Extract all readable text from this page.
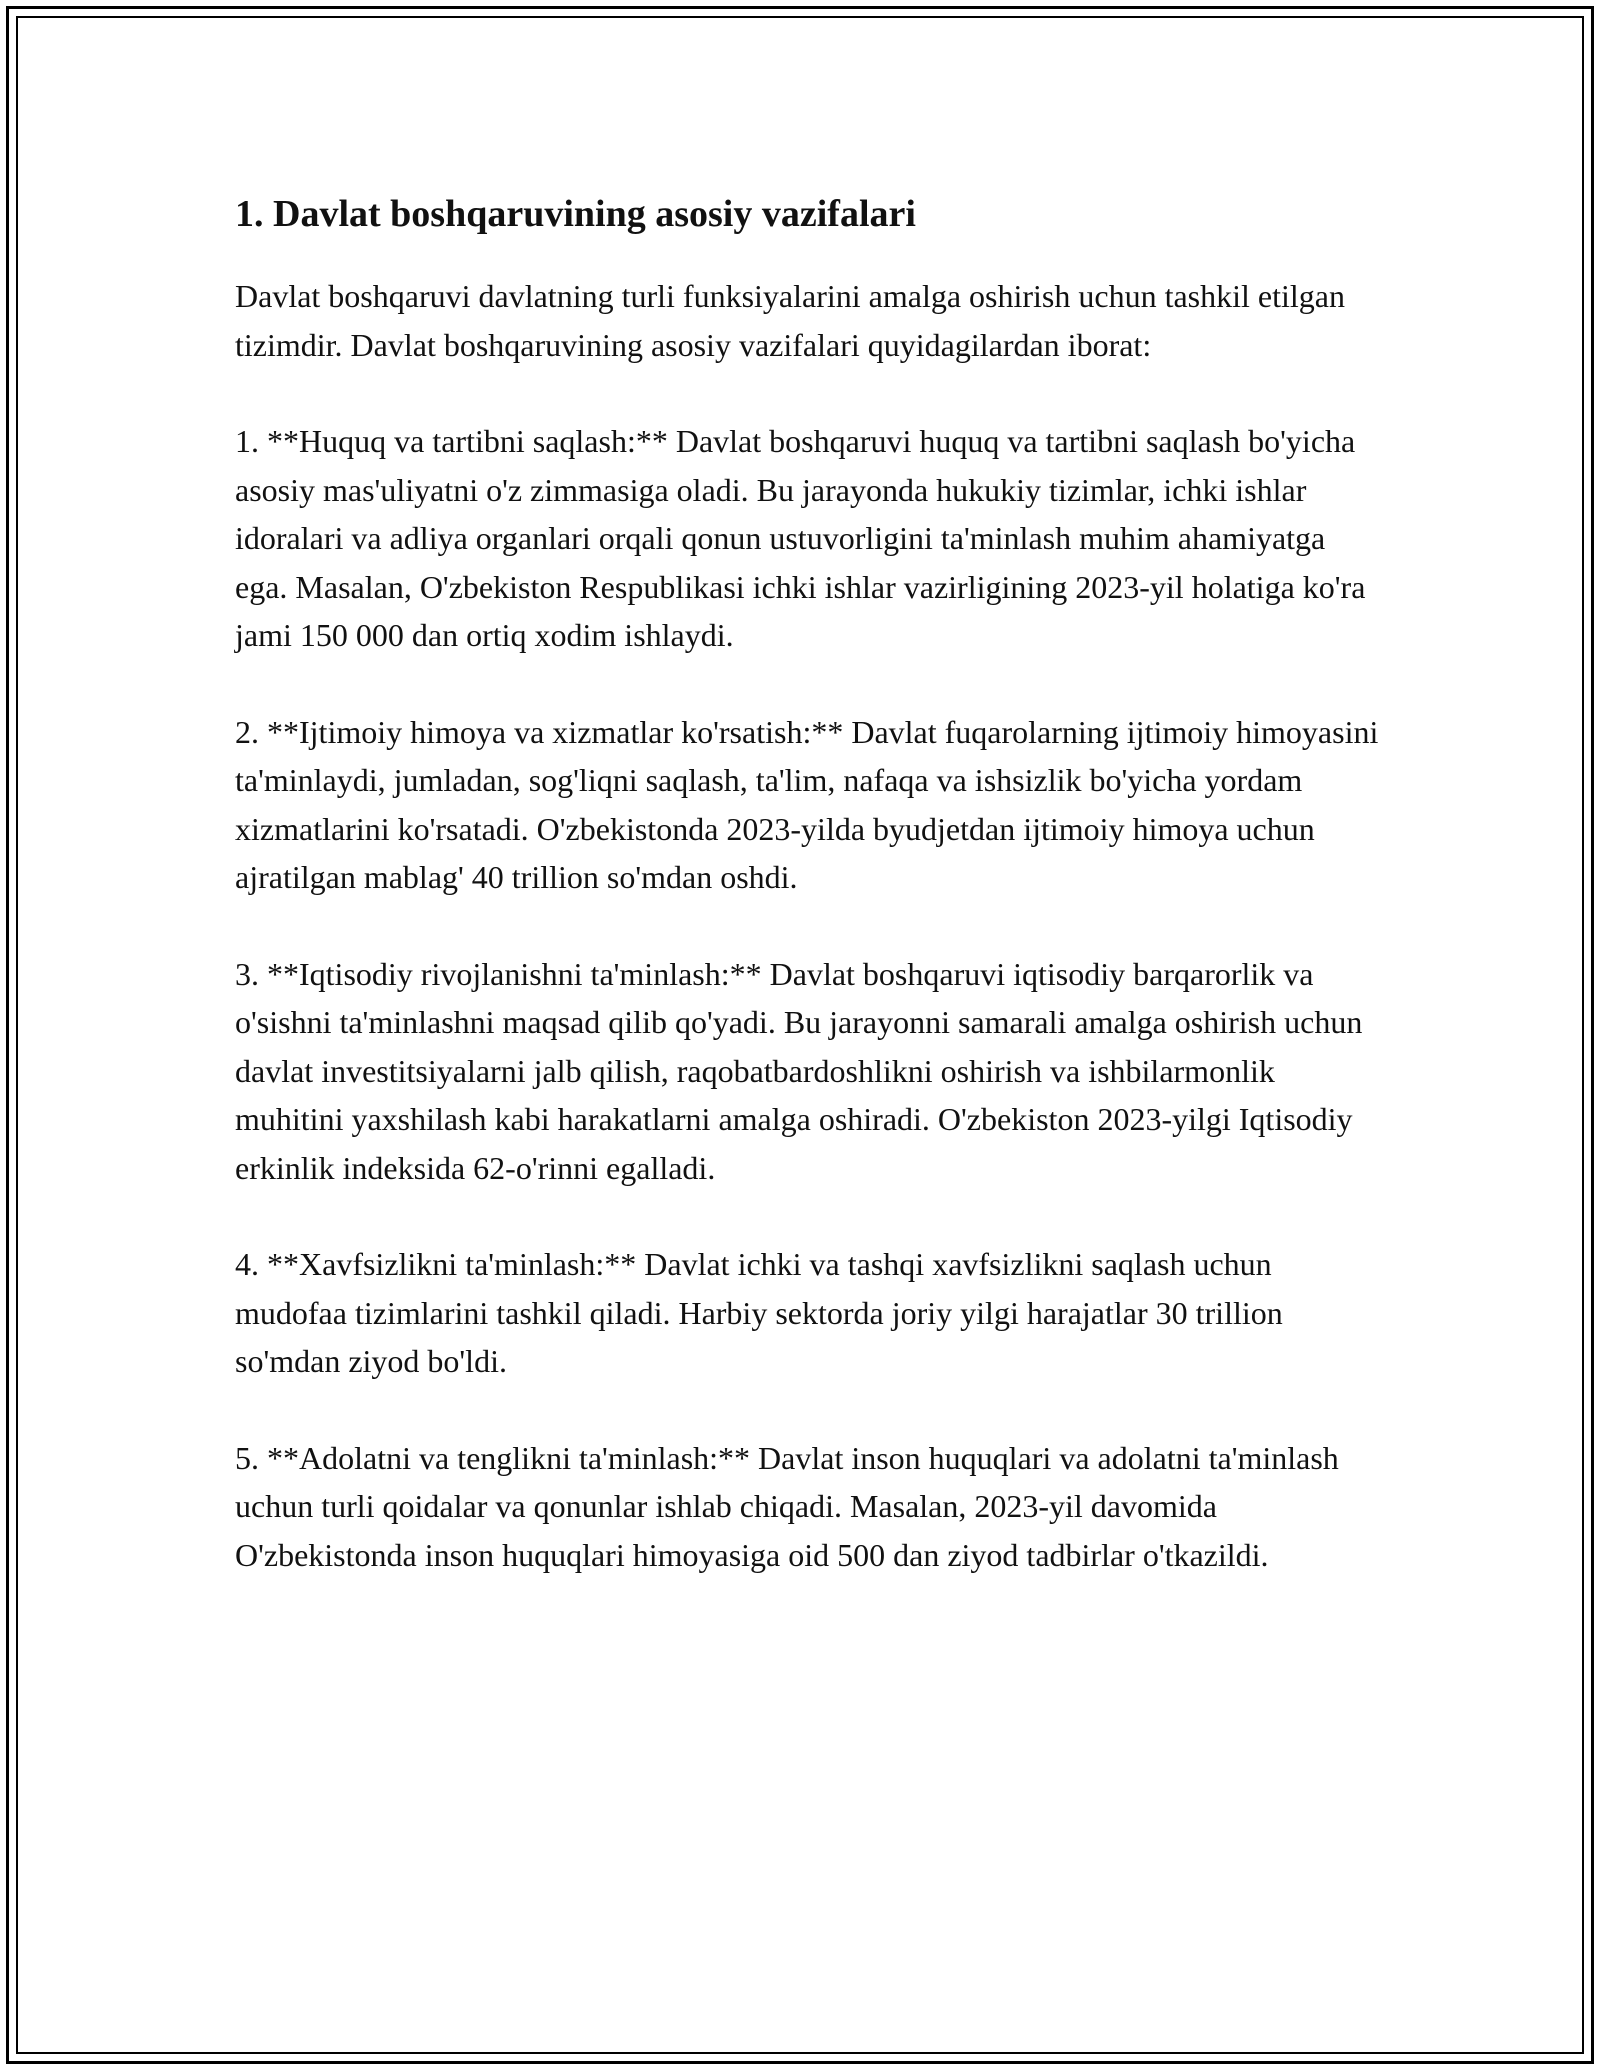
1. Davlat boshqaruvining asosiy vazifalari

Davlat boshqaruvi davlatning turli funksiyalarini amalga oshirish uchun tashkil etilgan tizimdir. Davlat boshqaruvining asosiy vazifalari quyidagilardan iborat:

1. **Huquq va tartibni saqlash:** Davlat boshqaruvi huquq va tartibni saqlash bo'yicha asosiy mas'uliyatni o'z zimmasiga oladi. Bu jarayonda hukukiy tizimlar, ichki ishlar idoralari va adliya organlari orqali qonun ustuvorligini ta'minlash muhim ahamiyatga ega. Masalan, O'zbekiston Respublikasi ichki ishlar vazirligining 2023-yil holatiga ko'ra jami 150 000 dan ortiq xodim ishlaydi.

2. **Ijtimoiy himoya va xizmatlar ko'rsatish:** Davlat fuqarolarning ijtimoiy himoyasini ta'minlaydi, jumladan, sog'liqni saqlash, ta'lim, nafaqa va ishsizlik bo'yicha yordam xizmatlarini ko'rsatadi. O'zbekistonda 2023-yilda byudjetdan ijtimoiy himoya uchun ajratilgan mablag' 40 trillion so'mdan oshdi.

3. **Iqtisodiy rivojlanishni ta'minlash:** Davlat boshqaruvi iqtisodiy barqarorlik va o'sishni ta'minlashni maqsad qilib qo'yadi. Bu jarayonni samarali amalga oshirish uchun davlat investitsiyalarni jalb qilish, raqobatbardoshlikni oshirish va ishbilarmonlik muhitini yaxshilash kabi harakatlarni amalga oshiradi. O'zbekiston 2023-yilgi Iqtisodiy erkinlik indeksida 62-o'rinni egalladi.

4. **Xavfsizlikni ta'minlash:** Davlat ichki va tashqi xavfsizlikni saqlash uchun mudofaa tizimlarini tashkil qiladi. Harbiy sektorda joriy yilgi harajatlar 30 trillion so'mdan ziyod bo'ldi.

5. **Adolatni va tenglikni ta'minlash:** Davlat inson huquqlari va adolatni ta'minlash uchun turli qoidalar va qonunlar ishlab chiqadi. Masalan, 2023-yil davomida O'zbekistonda inson huquqlari himoyasiga oid 500 dan ziyod tadbirlar o'tkazildi.
